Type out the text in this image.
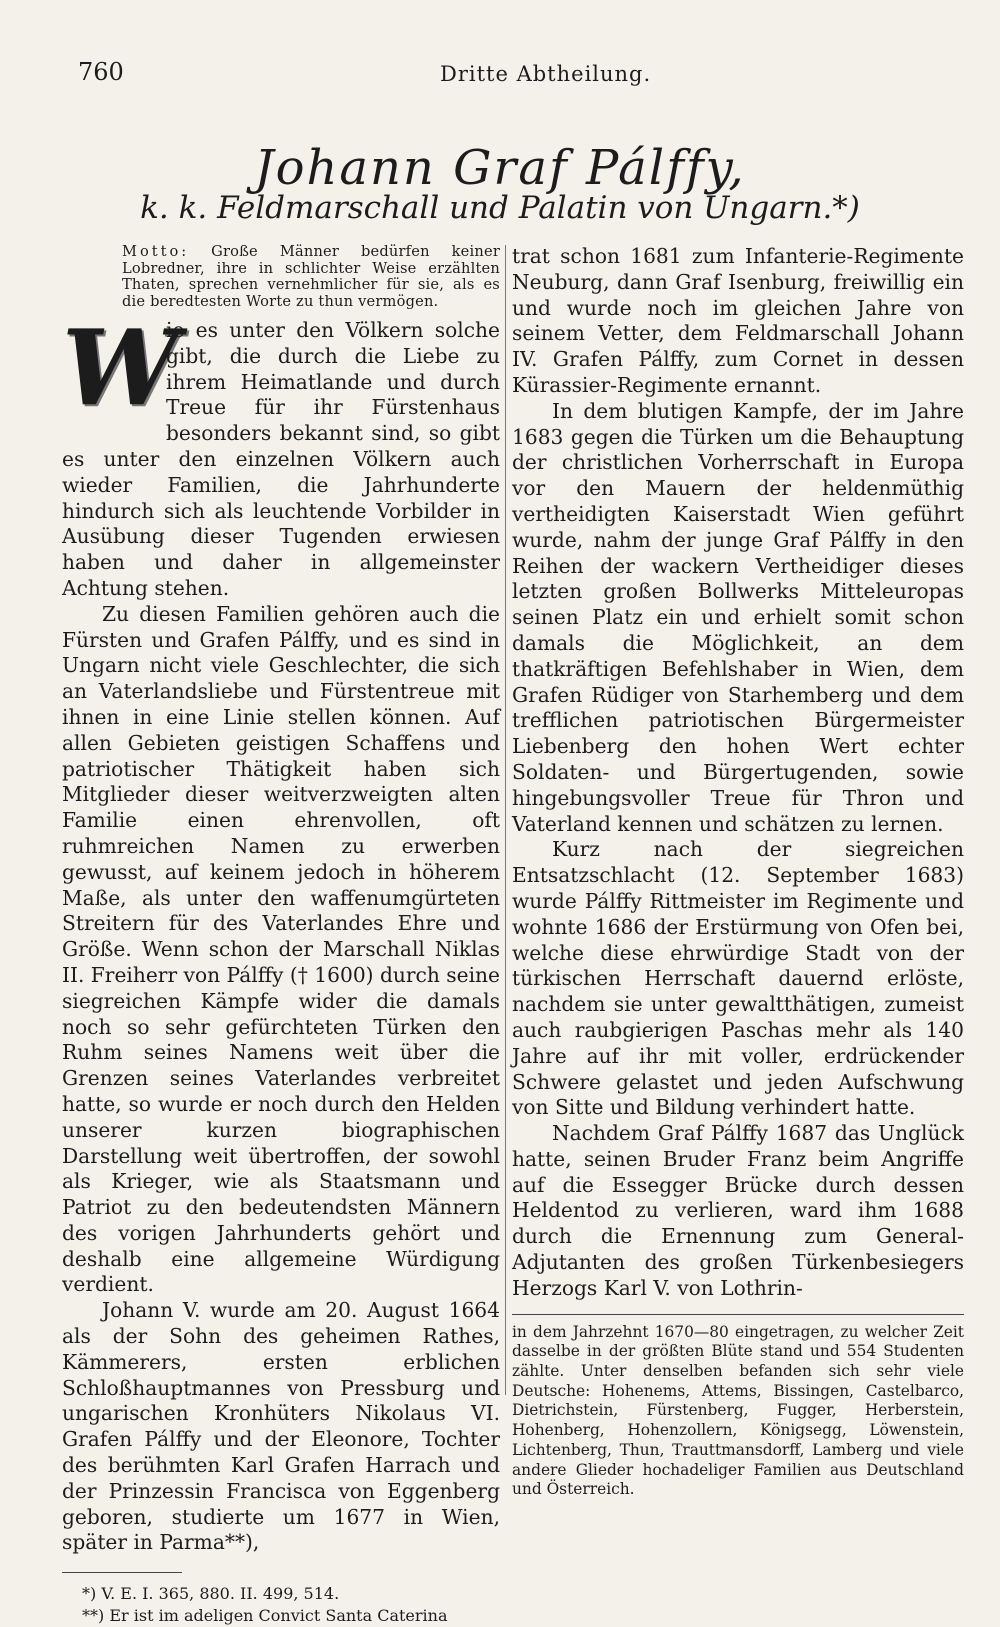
760	Dritte Abtheilung.
Johann Graf Pálffy,
k. k. Feldmarschall und Palatin von Ungarn.*)

Motto: Große Männer bedürfen keiner Lobredner, ihre in schlichter Weise erzählten Thaten, sprechen vernehmlicher für sie, als es die beredtesten Worte zu thun vermögen.

W

ie es unter den Völkern solche gibt, die durch die Liebe zu ihrem Heimatlande und durch Treue für ihr Fürstenhaus besonders bekannt sind, so gibt es unter den einzelnen Völkern auch wieder Familien, die Jahrhunderte hindurch sich als leuchtende Vorbilder in Ausübung dieser Tugenden erwiesen haben und daher in allgemeinster Achtung stehen.

Zu diesen Familien gehören auch die Fürsten und Grafen Pálffy, und es sind in Ungarn nicht viele Geschlechter, die sich an Vaterlandsliebe und Fürstentreue mit ihnen in eine Linie stellen können. Auf allen Gebieten geistigen Schaffens und patriotischer Thätigkeit haben sich Mitglieder dieser weitverzweigten alten Familie einen ehrenvollen, oft ruhmreichen Namen zu erwerben gewusst, auf keinem jedoch in höherem Maße, als unter den waffenumgürteten Streitern für des Vaterlandes Ehre und Größe. Wenn schon der Marschall Niklas II. Freiherr von Pálffy († 1600) durch seine siegreichen Kämpfe wider die damals noch so sehr gefürchteten Türken den Ruhm seines Namens weit über die Grenzen seines Vaterlandes verbreitet hatte, so wurde er noch durch den Helden unserer kurzen biographischen Darstellung weit übertroffen, der sowohl als Krieger, wie als Staatsmann und Patriot zu den bedeutendsten Männern des vorigen Jahrhunderts gehört und deshalb eine allgemeine Würdigung verdient.

Johann V. wurde am 20. August 1664 als der Sohn des geheimen Rathes, Kämmerers, ersten erblichen Schloßhauptmannes von Pressburg und ungarischen Kronhüters Nikolaus VI. Grafen Pálffy und der Eleonore, Tochter des berühmten Karl Grafen Harrach und der Prinzessin Francisca von Eggenberg geboren, studierte um 1677 in Wien, später in Parma**),

*) V. E. I. 365, 880. II. 499, 514.

**) Er ist im adeligen Convict Santa Caterina

trat schon 1681 zum Infanterie-Regimente Neuburg, dann Graf Isenburg, freiwillig ein und wurde noch im gleichen Jahre von seinem Vetter, dem Feldmarschall Johann IV. Grafen Pálffy, zum Cornet in dessen Kürassier-Regimente ernannt.

In dem blutigen Kampfe, der im Jahre 1683 gegen die Türken um die Behauptung der christlichen Vorherrschaft in Europa vor den Mauern der heldenmüthig vertheidigten Kaiserstadt Wien geführt wurde, nahm der junge Graf Pálffy in den Reihen der wackern Vertheidiger dieses letzten großen Bollwerks Mitteleuropas seinen Platz ein und erhielt somit schon damals die Möglichkeit, an dem thatkräftigen Befehlshaber in Wien, dem Grafen Rüdiger von Starhemberg und dem trefflichen patriotischen Bürgermeister Liebenberg den hohen Wert echter Soldaten- und Bürgertugenden, sowie hingebungsvoller Treue für Thron und Vaterland kennen und schätzen zu lernen.

Kurz nach der siegreichen Entsatzschlacht (12. September 1683) wurde Pálffy Rittmeister im Regimente und wohnte 1686 der Erstürmung von Ofen bei, welche diese ehrwürdige Stadt von der türkischen Herrschaft dauernd erlöste, nachdem sie unter gewaltthätigen, zumeist auch raubgierigen Paschas mehr als 140 Jahre auf ihr mit voller, erdrückender Schwere gelastet und jeden Aufschwung von Sitte und Bildung verhindert hatte.

Nachdem Graf Pálffy 1687 das Unglück hatte, seinen Bruder Franz beim Angriffe auf die Essegger Brücke durch dessen Heldentod zu verlieren, ward ihm 1688 durch die Ernennung zum General-Adjutanten des großen Türkenbesiegers Herzogs Karl V. von Lothrin-

in dem Jahrzehnt 1670—80 eingetragen, zu welcher Zeit dasselbe in der größten Blüte stand und 554 Studenten zählte. Unter denselben befanden sich sehr viele Deutsche: Hohenems, Attems, Bissingen, Castelbarco, Dietrichstein, Fürstenberg, Fugger, Herberstein, Hohenberg, Hohenzollern, Königsegg, Löwenstein, Lichtenberg, Thun, Trauttmansdorff, Lamberg und viele andere Glieder hochadeliger Familien aus Deutschland und Österreich.
